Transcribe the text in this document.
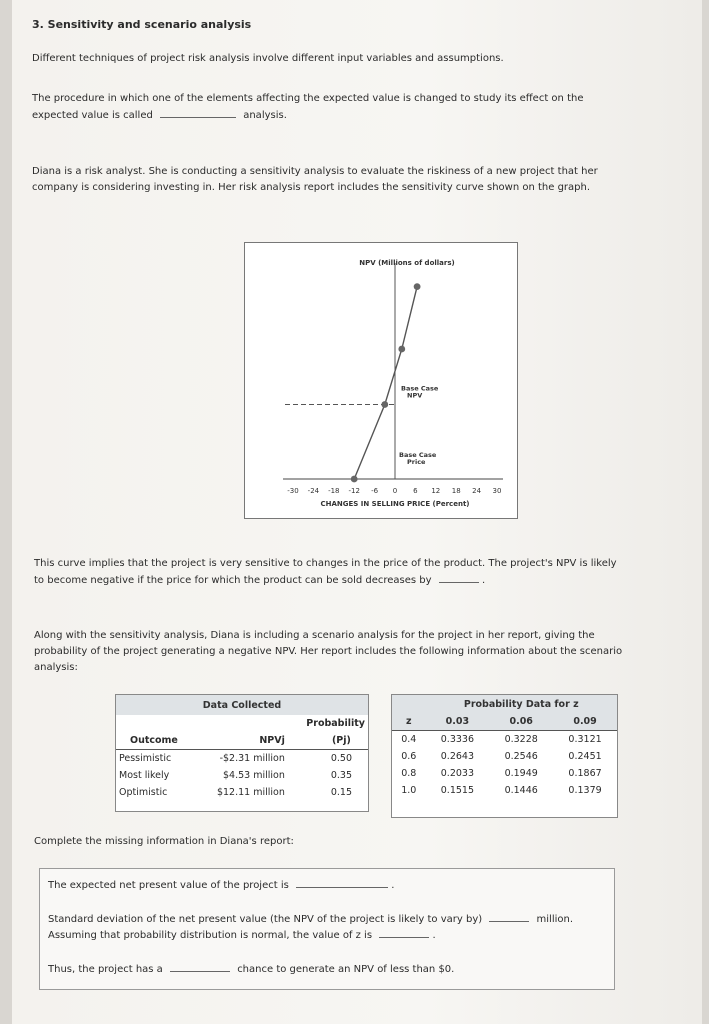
3. Sensitivity and scenario analysis
Different techniques of project risk analysis involve different input variables and assumptions.
The procedure in which one of the elements affecting the expected value is changed to study its effect on the
expected value is called	analysis.
Diana is a risk analyst. She is conducting a sensitivity analysis to evaluate the riskiness of a new project that her
company is considering investing in. Her risk analysis report includes the sensitivity curve shown on the graph.
NPV (Millions of dollars)
-30 -24 -18 -12 -6 0 6 12 18 24 30
CHANGES IN SELLING PRICE (Percent)
Base Case NPV
Base Case Price
This curve implies that the project is very sensitive to changes in the price of the product. The project's NPV is likely
to become negative if the price for which the product can be sold decreases by	.
Along with the sensitivity analysis, Diana is including a scenario analysis for the project in her report, giving the
probability of the project generating a negative NPV. Her report includes the following information about the scenario
analysis:
Data Collected		
		Probability
Outcome	NPVj	(Pj)
Pessimistic	-$2.31 million	0.50
Most likely	$4.53 million	0.35
Optimistic	$12.11 million	0.15
	Probability Data for z		
z	0.03	0.06	0.09
0.4	0.3336	0.3228	0.3121
0.6	0.2643	0.2546	0.2451
0.8	0.2033	0.1949	0.1867
1.0	0.1515	0.1446	0.1379
Complete the missing information in Diana's report:
The expected net present value of the project is	.
Standard deviation of the net present value (the NPV of the project is likely to vary by)	million.
Assuming that probability distribution is normal, the value of z is	.
Thus, the project has a	chance to generate an NPV of less than $0.
